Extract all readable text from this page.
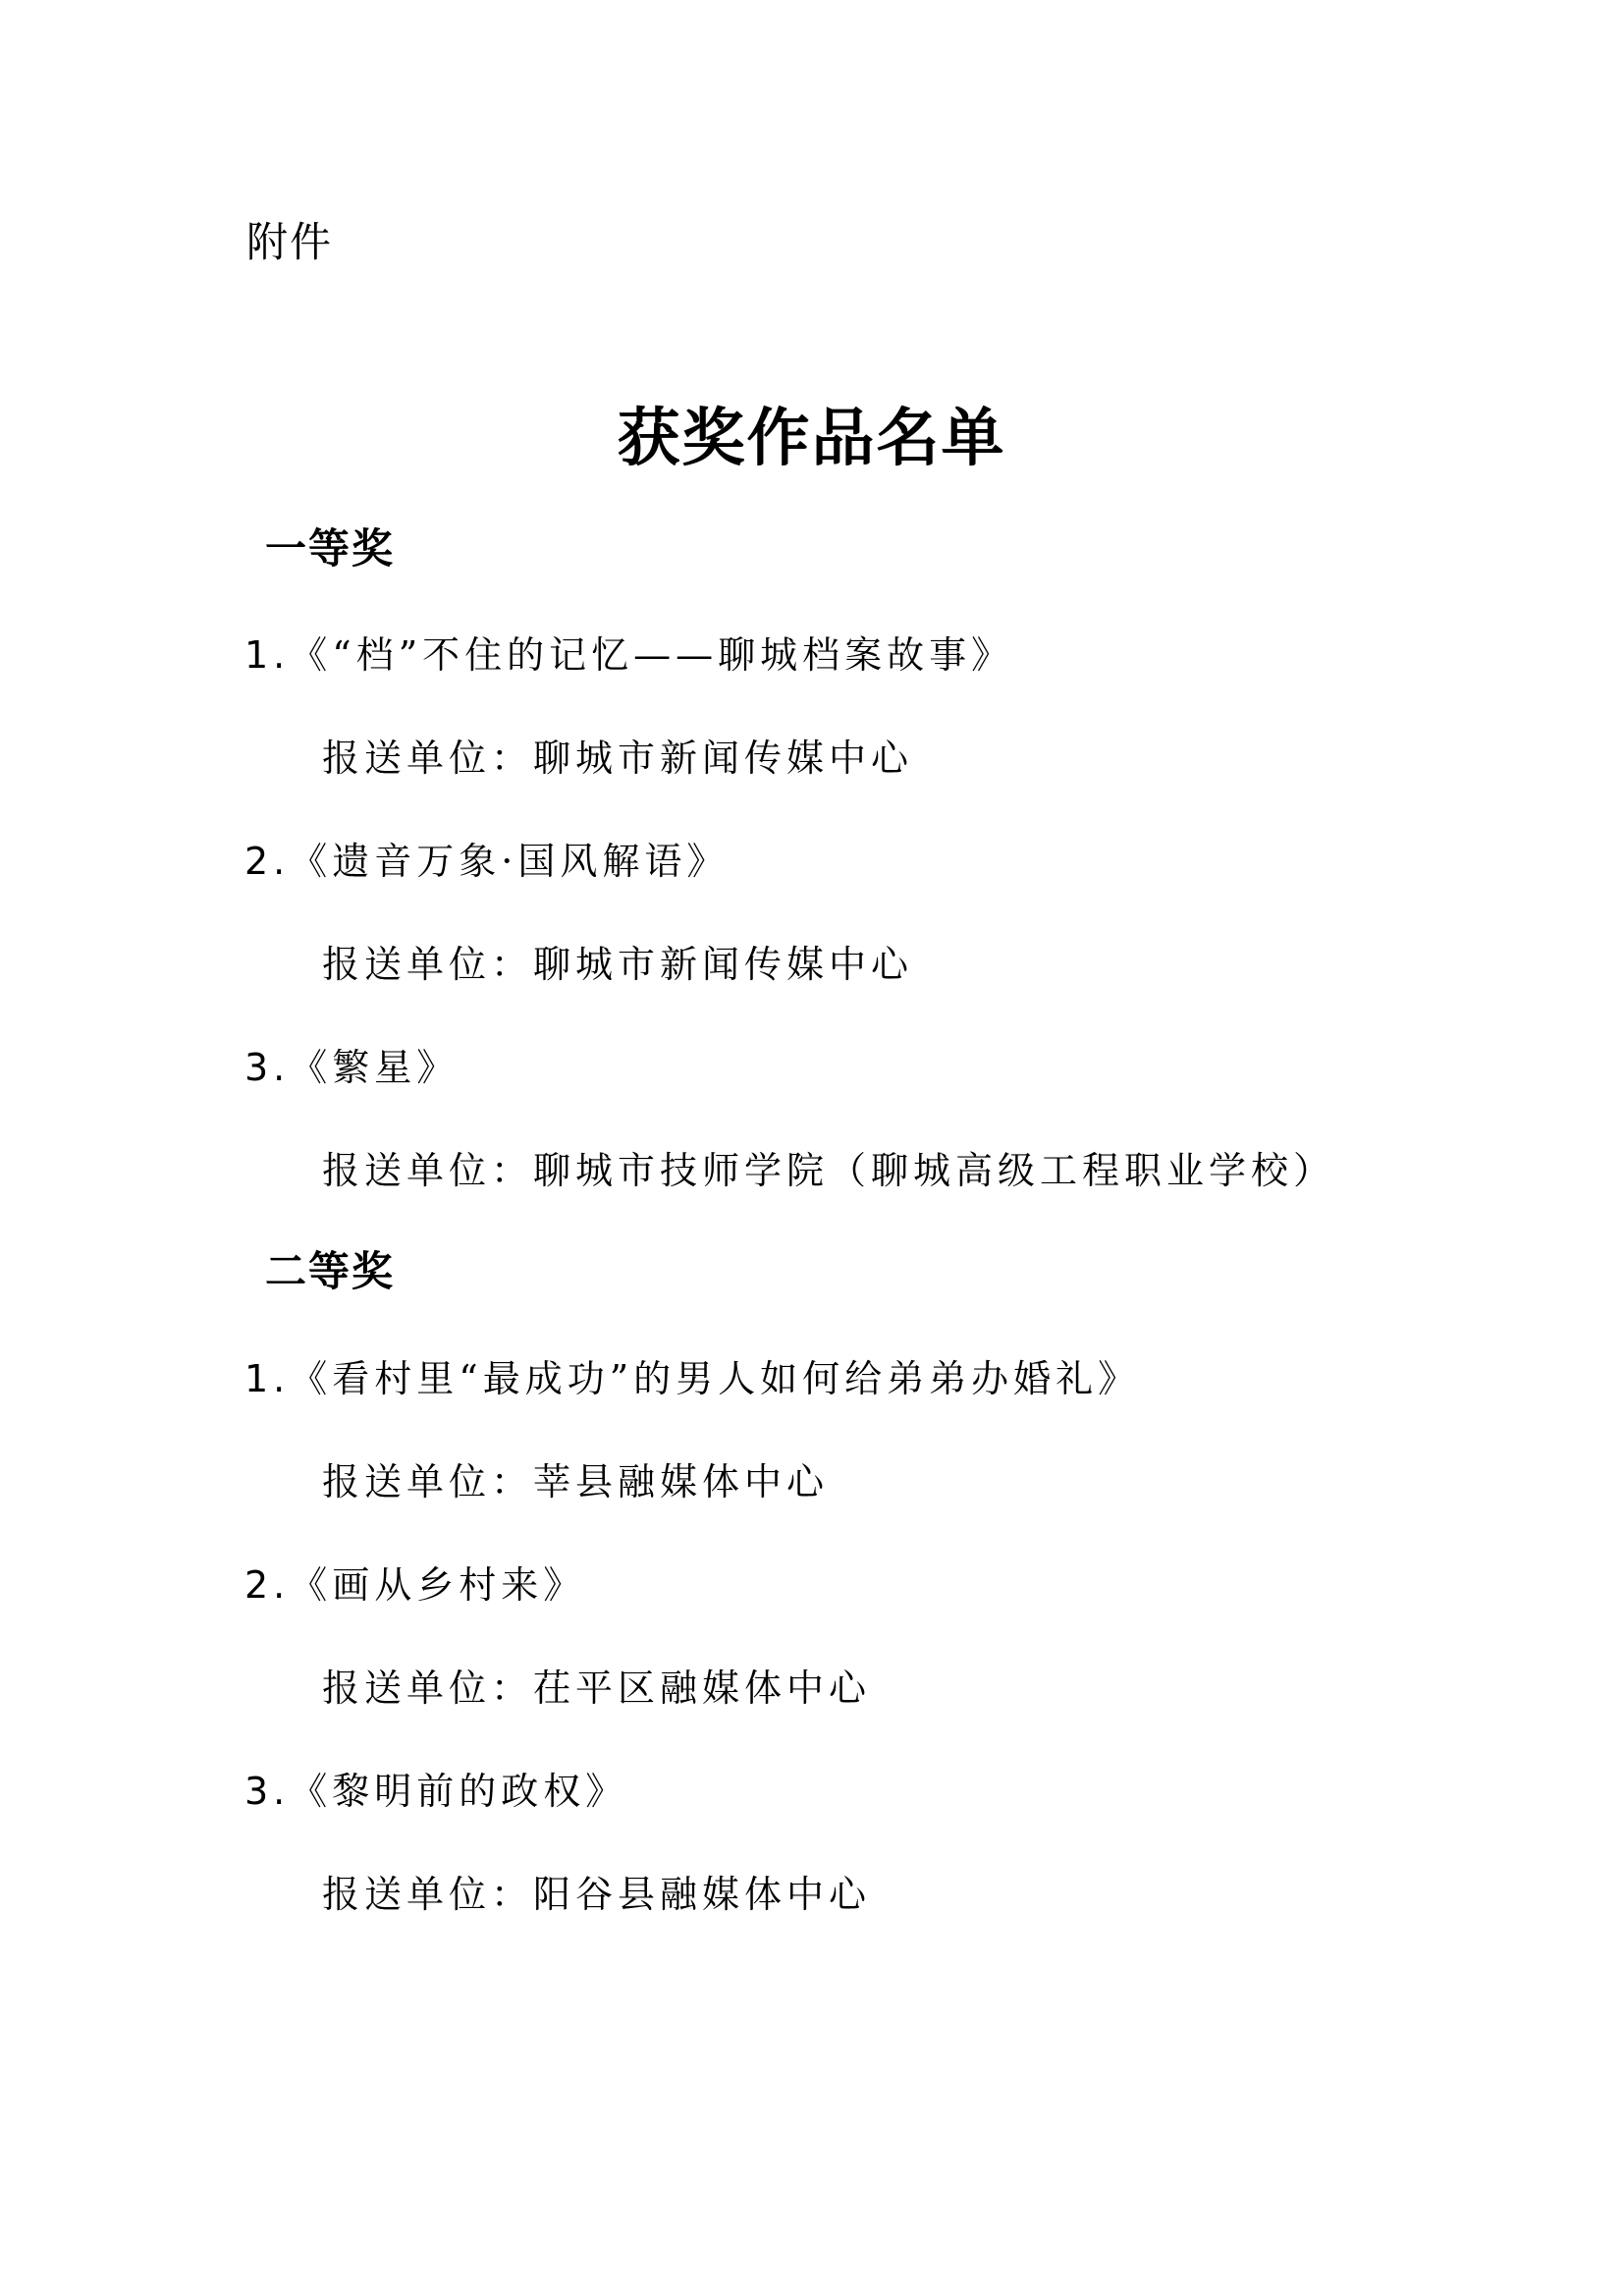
附件
获奖作品名单
一等奖
1.《“档”不住的记忆——聊城档案故事》
报送单位：聊城市新闻传媒中心
2.《遗音万象·国风解语》
报送单位：聊城市新闻传媒中心
3.《繁星》
报送单位：聊城市技师学院（聊城高级工程职业学校）
二等奖
1.《看村里“最成功”的男人如何给弟弟办婚礼》
报送单位：莘县融媒体中心
2.《画从乡村来》
报送单位：茌平区融媒体中心
3.《黎明前的政权》
报送单位：阳谷县融媒体中心
